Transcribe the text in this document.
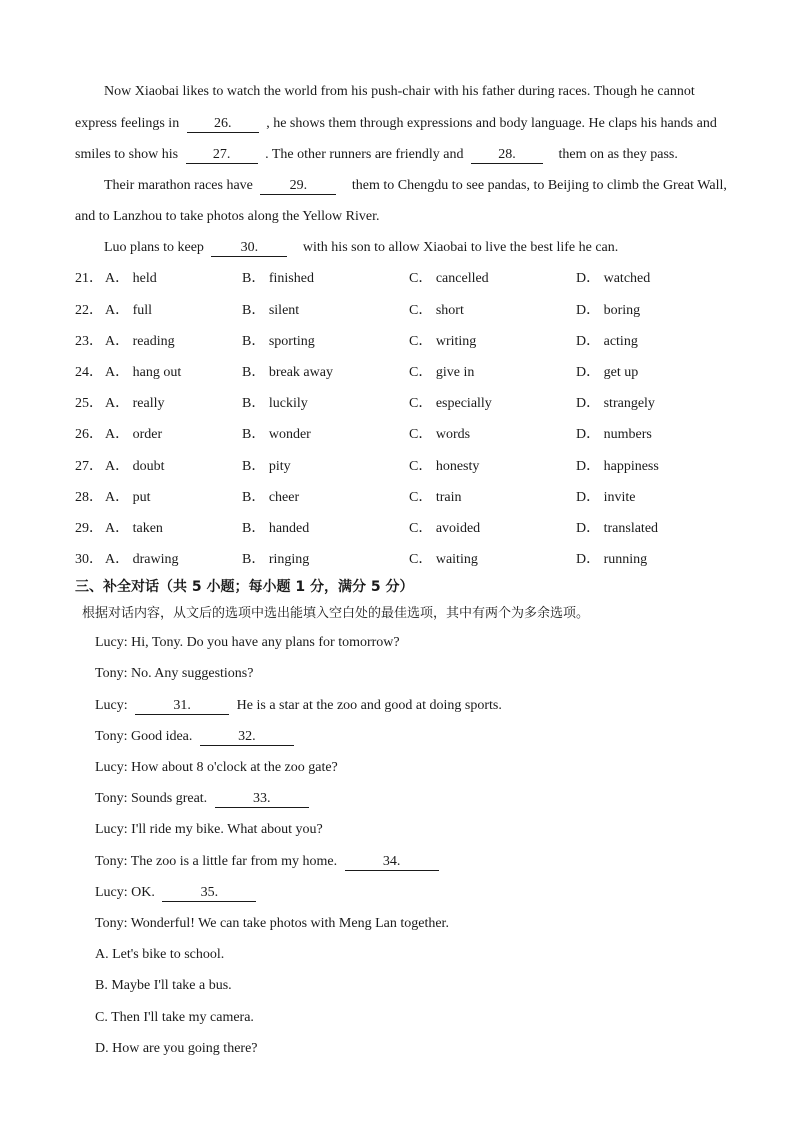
Now Xiaobai likes to watch the world from his push-chair with his father during races. Though he cannot
express feelings in 26. , he shows them through expressions and body language. He claps his hands and
smiles to show his 27. . The other runners are friendly and 28.	them on as they pass.
Their marathon races have	29.	them to Chengdu to see pandas, to Beijing to climb the Great Wall,
and to Lanzhou to take photos along the Yellow River.
Luo plans to keep	30.	with his son to allow Xiaobai to live the best life he can.
21． A． held	B． finished	C． cancelled	D． watched
22． A． full	B． silent	C． short	D． boring
23． A． reading	B． sporting	C． writing	D． acting
24． A． hang out	B． break away	C． give in	D． get up
25． A． really	B． luckily	C． especially	D． strangely
26． A． order	B． wonder	C． words	D． numbers
27． A． doubt	B． pity	C． honesty	D． happiness
28． A． put	B． cheer	C． train	D． invite
29． A． taken	B． handed	C． avoided	D． translated
30． A． drawing	B． ringing	C． waiting	D． running
三、补全对话（共 5 小题；每小题 1 分，满分 5 分）
根据对话内容，从文后的选项中选出能填入空白处的最佳选项，其中有两个为多余选项。
Lucy: Hi, Tony. Do you have any plans for tomorrow?
Tony: No. Any suggestions?
Lucy:	31.	He is a star at the zoo and good at doing sports.
Tony: Good idea.	32.
Lucy: How about 8 o'clock at the zoo gate?
Tony: Sounds great.	33.
Lucy: I'll ride my bike. What about you?
Tony: The zoo is a little far from my home.	34.
Lucy: OK.	35.
Tony: Wonderful! We can take photos with Meng Lan together.
A. Let's bike to school.
B. Maybe I'll take a bus.
C. Then I'll take my camera.
D. How are you going there?
